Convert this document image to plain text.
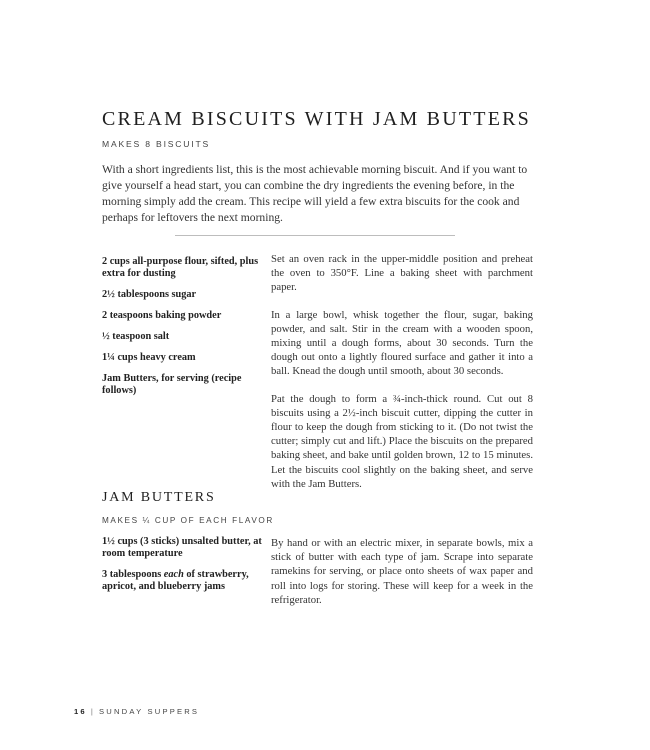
CREAM BISCUITS WITH JAM BUTTERS
MAKES 8 BISCUITS

With a short ingredients list, this is the most achievable morning biscuit. And if you want to give yourself a head start, you can combine the dry ingredients the evening before, in the morning simply add the cream. This recipe will yield a few extra biscuits for the cook and perhaps for leftovers the next morning.

2 cups all-purpose flour, sifted, plus extra for dusting
2½ tablespoons sugar
2 teaspoons baking powder
½ teaspoon salt
1¼ cups heavy cream
Jam Butters, for serving (recipe follows)

Set an oven rack in the upper-middle position and preheat the oven to 350°F. Line a baking sheet with parchment paper.

In a large bowl, whisk together the flour, sugar, baking powder, and salt. Stir in the cream with a wooden spoon, mixing until a dough forms, about 30 seconds. Turn the dough out onto a lightly floured surface and gather it into a ball. Knead the dough until smooth, about 30 seconds.

Pat the dough to form a ¾-inch-thick round. Cut out 8 biscuits using a 2½-inch biscuit cutter, dipping the cutter in flour to keep the dough from sticking to it. (Do not twist the cutter; simply cut and lift.) Place the biscuits on the prepared baking sheet, and bake until golden brown, 12 to 15 minutes. Let the biscuits cool slightly on the baking sheet, and serve with the Jam Butters.

JAM BUTTERS
MAKES ¼ CUP OF EACH FLAVOR
1½ cups (3 sticks) unsalted butter, at room temperature
3 tablespoons each of strawberry, apricot, and blueberry jams

By hand or with an electric mixer, in separate bowls, mix a stick of butter with each type of jam. Scrape into separate ramekins for serving, or place onto sheets of wax paper and roll into logs for storing. These will keep for a week in the refrigerator.

16 | SUNDAY SUPPERS
